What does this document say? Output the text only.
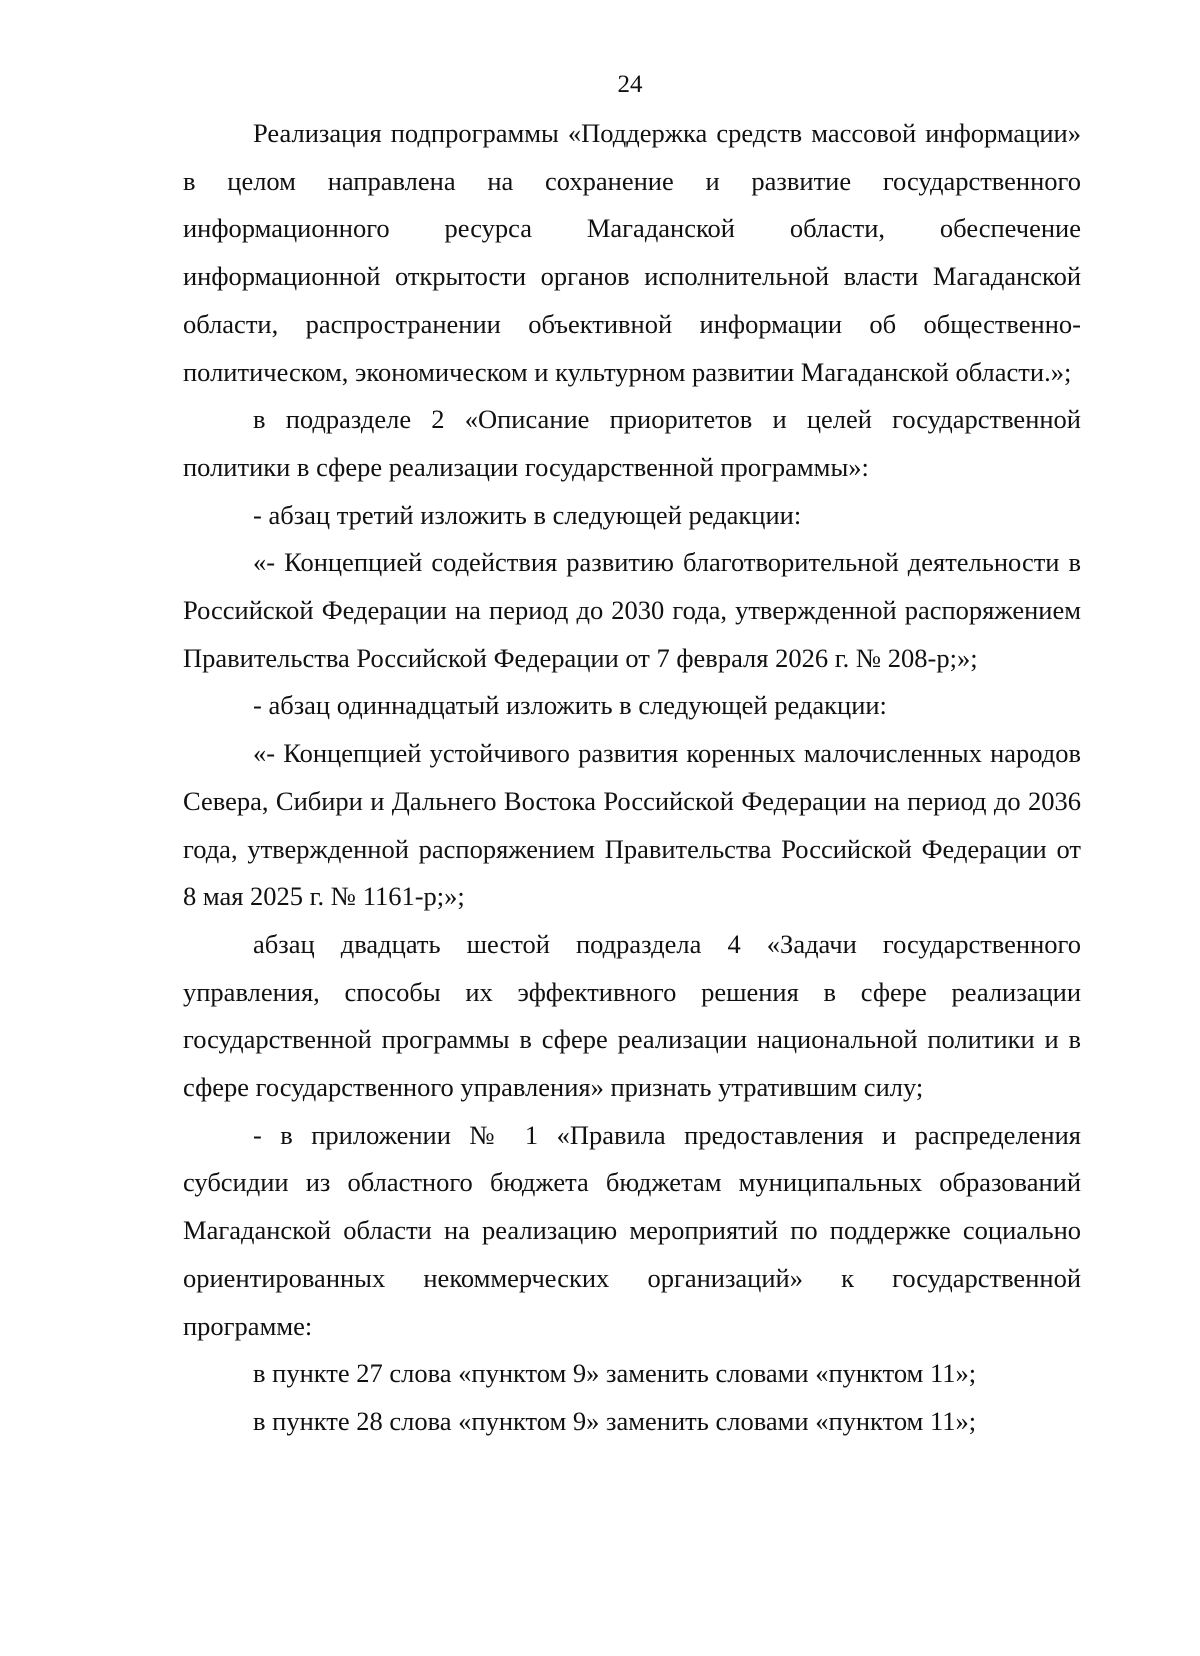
24

Реализация подпрограммы «Поддержка средств массовой информации» в целом направлена на сохранение и развитие государственного информационного ресурса Магаданской области, обеспечение информационной открытости органов исполнительной власти Магаданской области, распространении объективной информации об общественно-политическом, экономическом и культурном развитии Магаданской области.»;

в подразделе 2 «Описание приоритетов и целей государственной политики в сфере реализации государственной программы»:

- абзац третий изложить в следующей редакции:

«- Концепцией содействия развитию благотворительной деятельности в Российской Федерации на период до 2030 года, утвержденной распоряжением Правительства Российской Федерации от 7 февраля 2026 г. № 208-р;»;

- абзац одиннадцатый изложить в следующей редакции:

«- Концепцией устойчивого развития коренных малочисленных народов Севера, Сибири и Дальнего Востока Российской Федерации на период до 2036 года, утвержденной распоряжением Правительства Российской Федерации от 8 мая 2025 г. № 1161-р;»;

абзац двадцать шестой подраздела 4 «Задачи государственного управления, способы их эффективного решения в сфере реализации государственной программы в сфере реализации национальной политики и в сфере государственного управления» признать утратившим силу;

- в приложении № 1 «Правила предоставления и распределения субсидии из областного бюджета бюджетам муниципальных образований Магаданской области на реализацию мероприятий по поддержке социально ориентированных некоммерческих организаций» к государственной программе:

в пункте 27 слова «пунктом 9» заменить словами «пунктом 11»;

в пункте 28 слова «пунктом 9» заменить словами «пунктом 11»;
